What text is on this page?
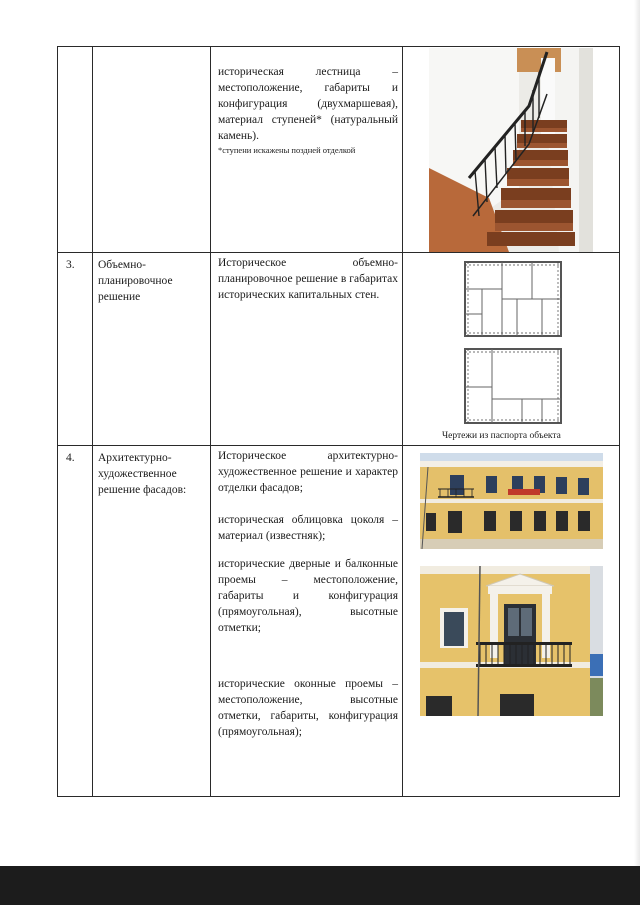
историческая лестница – местоположение, габариты и конфигурация (двухмаршевая), материал ступеней* (натуральный камень).
*ступени искажены поздней отделкой
3. Объемно-планировочное решение
Историческое объемно-планировочное решение в габаритах исторических капитальных стен.
Чертежи из паспорта объекта
4. Архитектурно-художественное решение фасадов:
Историческое архитектурно-художественное решение и характер отделки фасадов;
историческая облицовка цоколя – материал (известняк);
исторические дверные и балконные проемы – местоположение, габариты и конфигурация (прямоугольная), высотные отметки;
исторические оконные проемы – местоположение, высотные отметки, габариты, конфигурация (прямоугольная);
